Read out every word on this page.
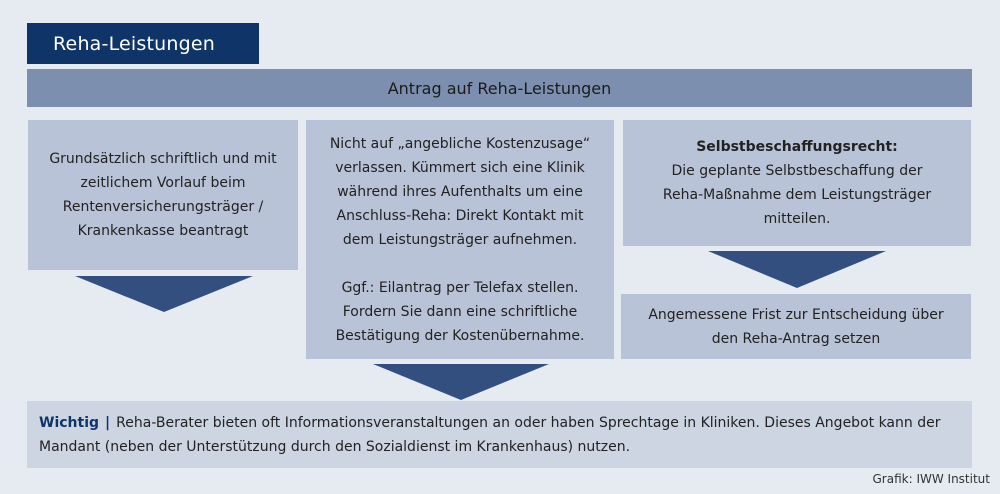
Reha-Leistungen
Antrag auf Reha-Leistungen

Grundsätzlich schriftlich und mit

zeitlichem Vorlauf beim

Rentenversicherungsträger /

Krankenkasse beantragt

Nicht auf „angebliche Kostenzusage“

verlassen. Kümmert sich eine Klinik

während ihres Aufenthalts um eine

Anschluss-Reha: Direkt Kontakt mit

dem Leistungsträger aufnehmen.

Ggf.: Eilantrag per Telefax stellen.

Fordern Sie dann eine schriftliche

Bestätigung der Kostenübernahme.

Selbstbeschaffungsrecht:

Die geplante Selbstbeschaffung der

Reha-Maßnahme dem Leistungsträger

mitteilen.

Angemessene Frist zur Entscheidung über

den Reha-Antrag setzen

Wichtig | Reha-Berater bieten oft Informationsveranstaltungen an oder haben Sprechtage in Kliniken. Dieses Angebot kann der Mandant (neben der Unterstützung durch den Sozialdienst im Krankenhaus) nutzen.
Grafik: IWW Institut
